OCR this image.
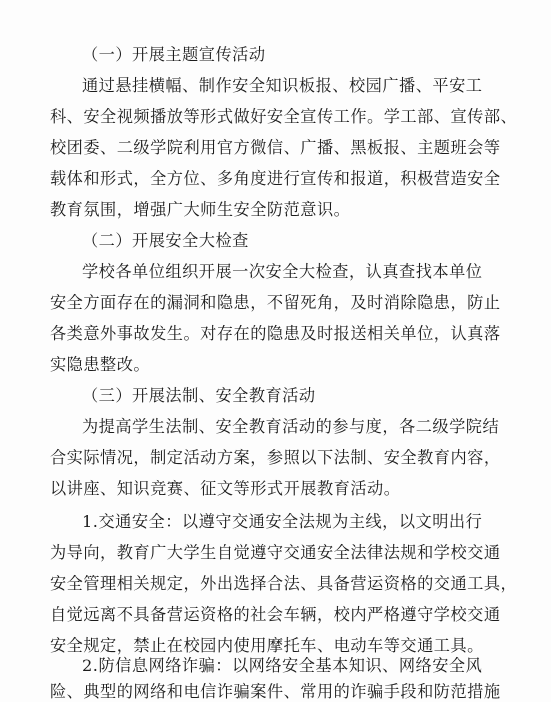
（一）开展主题宣传活动
通过悬挂横幅、制作安全知识板报、校园广播、平安工
科、安全视频播放等形式做好安全宣传工作。学工部、宣传部、
校团委、二级学院利用官方微信、广播、黑板报、主题班会等
载体和形式，全方位、多角度进行宣传和报道，积极营造安全
教育氛围，增强广大师生安全防范意识。
（二）开展安全大检查
学校各单位组织开展一次安全大检查，认真查找本单位
安全方面存在的漏洞和隐患，不留死角，及时消除隐患，防止
各类意外事故发生。对存在的隐患及时报送相关单位，认真落
实隐患整改。
（三）开展法制、安全教育活动
为提高学生法制、安全教育活动的参与度，各二级学院结
合实际情况，制定活动方案，参照以下法制、安全教育内容，
以讲座、知识竞赛、征文等形式开展教育活动。
1.交通安全：以遵守交通安全法规为主线，以文明出行
为导向，教育广大学生自觉遵守交通安全法律法规和学校交通
安全管理相关规定，外出选择合法、具备营运资格的交通工具，
自觉远离不具备营运资格的社会车辆，校内严格遵守学校交通
安全规定，禁止在校园内使用摩托车、电动车等交通工具。
2.防信息网络诈骗：以网络安全基本知识、网络安全风
险、典型的网络和电信诈骗案件、常用的诈骗手段和防范措施
